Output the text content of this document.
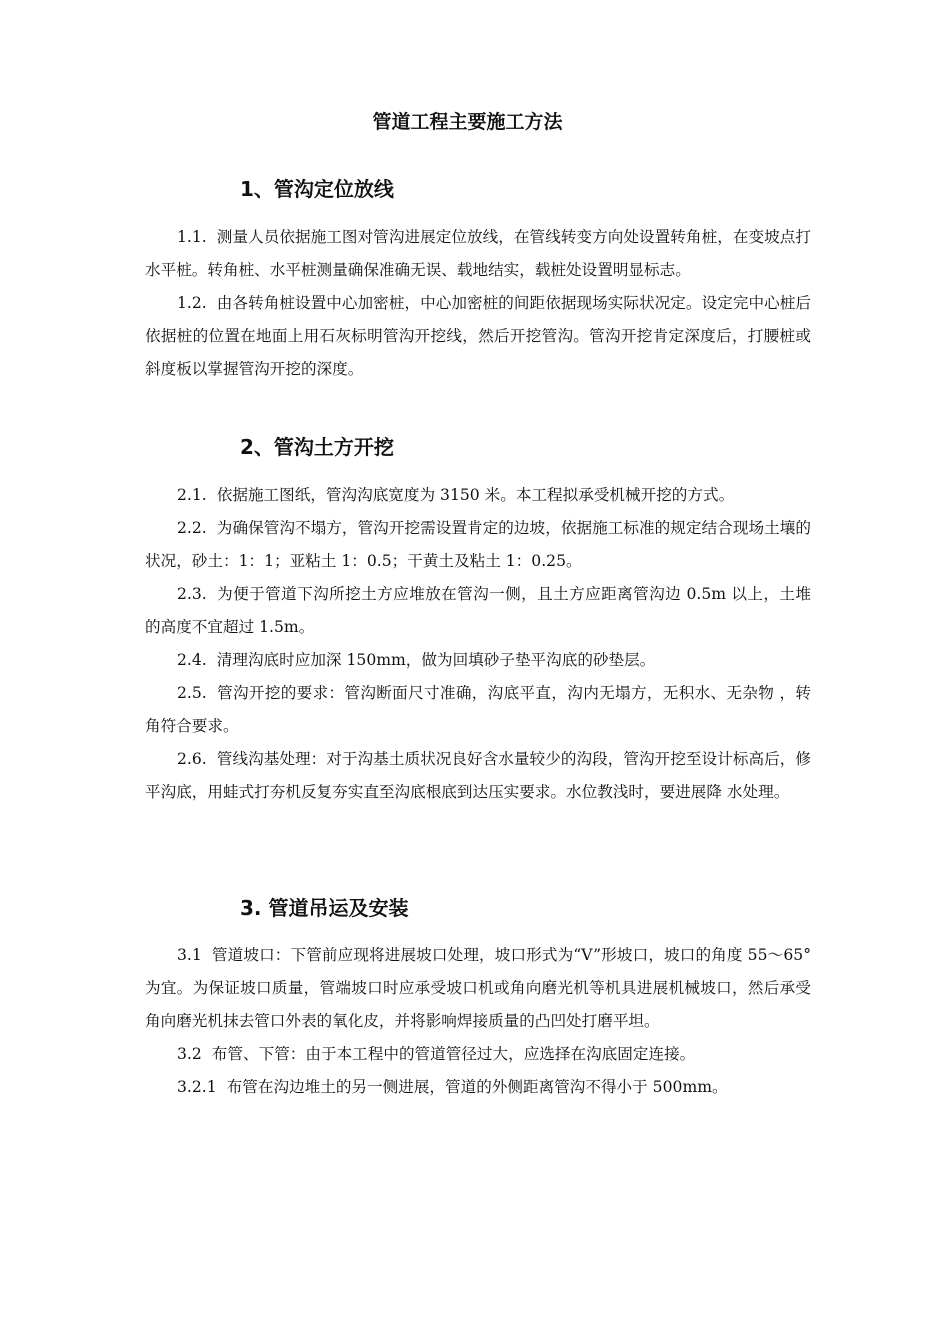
管道工程主要施工方法
1、管沟定位放线

1.1. 测量人员依据施工图对管沟进展定位放线，在管线转变方向处设置转角桩，在变坡点打水平桩。转角桩、水平桩测量确保准确无误、载地结实，载桩处设置明显标志。

1.2. 由各转角桩设置中心加密桩，中心加密桩的间距依据现场实际状况定。设定完中心桩后依据桩的位置在地面上用石灰标明管沟开挖线，然后开挖管沟。管沟开挖肯定深度后，打腰桩或斜度板以掌握管沟开挖的深度。

2、管沟土方开挖

2.1. 依据施工图纸，管沟沟底宽度为 3150 米。本工程拟承受机械开挖的方式。

2.2. 为确保管沟不塌方，管沟开挖需设置肯定的边坡，依据施工标准的规定结合现场土壤的状况，砂土：1：1；亚粘土 1：0.5；干黄土及粘土 1：0.25。

2.3. 为便于管道下沟所挖土方应堆放在管沟一侧，且土方应距离管沟边 0.5m 以上，土堆的高度不宜超过 1.5m。

2.4. 清理沟底时应加深 150mm，做为回填砂子垫平沟底的砂垫层。

2.5. 管沟开挖的要求：管沟断面尺寸准确，沟底平直，沟内无塌方，无积水、无杂物 ，转角符合要求。

2.6. 管线沟基处理：对于沟基土质状况良好含水量较少的沟段，管沟开挖至设计标高后，修平沟底，用蛙式打夯机反复夯实直至沟底根底到达压实要求。水位教浅时，要进展降 水处理。

3. 管道吊运及安装

3.1 管道坡口：下管前应现将进展坡口处理，坡口形式为“V”形坡口，坡口的角度 55～65°为宜。为保证坡口质量，管端坡口时应承受坡口机或角向磨光机等机具进展机械坡口，然后承受角向磨光机抹去管口外表的氧化皮，并将影响焊接质量的凸凹处打磨平坦。

3.2 布管、下管：由于本工程中的管道管径过大，应选择在沟底固定连接。

3.2.1 布管在沟边堆土的另一侧进展，管道的外侧距离管沟不得小于 500mm。
